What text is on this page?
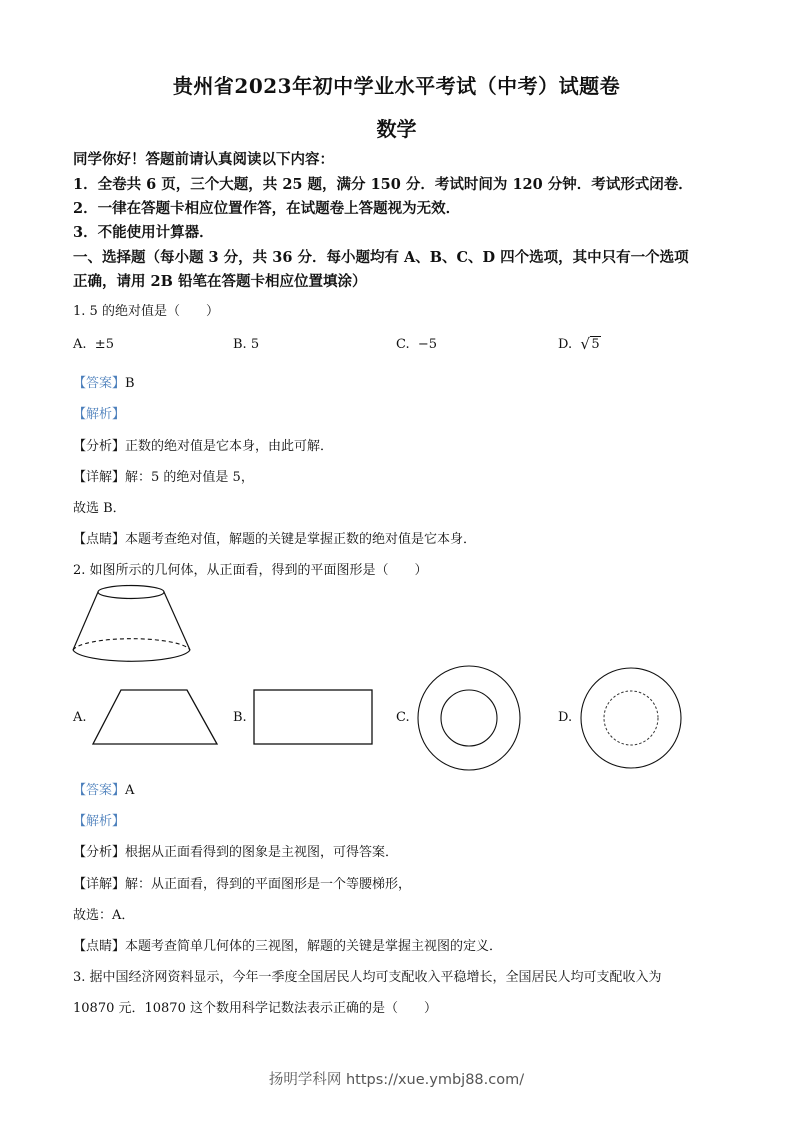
贵州省2023年初中学业水平考试（中考）试题卷
数学
同学你好！答题前请认真阅读以下内容：
1．全卷共 6 页，三个大题，共 25 题，满分 150 分．考试时间为 120 分钟．考试形式闭卷．
2．一律在答题卡相应位置作答，在试题卷上答题视为无效．
3．不能使用计算器．
一、选择题（每小题 3 分，共 36 分．每小题均有 A、B、C、D 四个选项，其中只有一个选项
正确，请用 2B 铅笔在答题卡相应位置填涂）
1. 5 的绝对值是（　　）
A. ±5	B. 5	C. −5	D. √ 5
【答案】B
【解析】
【分析】正数的绝对值是它本身，由此可解．
【详解】解：5 的绝对值是 5，
故选 B．
【点睛】本题考查绝对值，解题的关键是掌握正数的绝对值是它本身．
2. 如图所示的几何体，从正面看，得到的平面图形是（　　）
A.	B.	C.	D.
【答案】A
【解析】
【分析】根据从正面看得到的图象是主视图，可得答案．
【详解】解：从正面看，得到的平面图形是一个等腰梯形，
故选：A．
【点睛】本题考查简单几何体的三视图，解题的关键是掌握主视图的定义．
3. 据中国经济网资料显示，今年一季度全国居民人均可支配收入平稳增长，全国居民人均可支配收入为
10870 元．10870 这个数用科学记数法表示正确的是（　　）
扬明学科网 https://xue.ymbj88.com/
